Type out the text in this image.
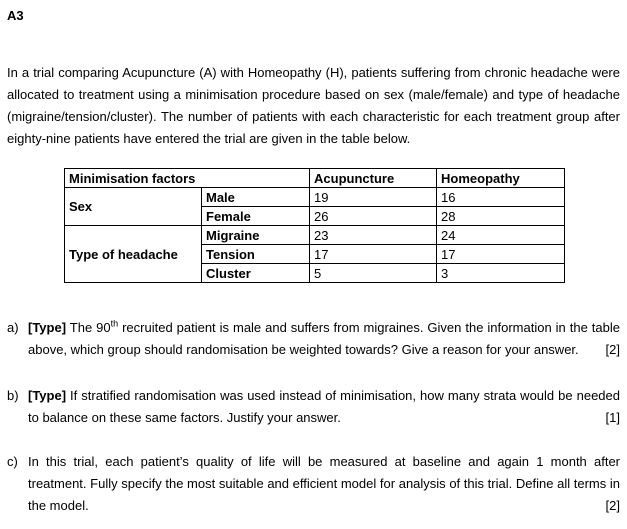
A3

In a trial comparing Acupuncture (A) with Homeopathy (H), patients suffering from chronic headache were allocated to treatment using a minimisation procedure based on sex (male/female) and type of headache (migraine/tension/cluster). The number of patients with each characteristic for each treatment group after eighty-nine patients have entered the trial are given in the table below.

Minimisation factors		Acupuncture	Homeopathy
Sex	Male	19	16
	Female	26	28
Type of headache	Migraine	23	24
	Tension	17	17
	Cluster	5	3
a) [Type] The 90th recruited patient is male and suffers from migraines. Given the information in the table above, which group should randomisation be weighted towards? Give a reason for your answer. [2]
b) [Type] If stratified randomisation was used instead of minimisation, how many strata would be needed to balance on these same factors. Justify your answer.	[1]
c) In this trial, each patient’s quality of life will be measured at baseline and again 1 month after treatment. Fully specify the most suitable and efficient model for analysis of this trial. Define all terms in the model.	[2]
